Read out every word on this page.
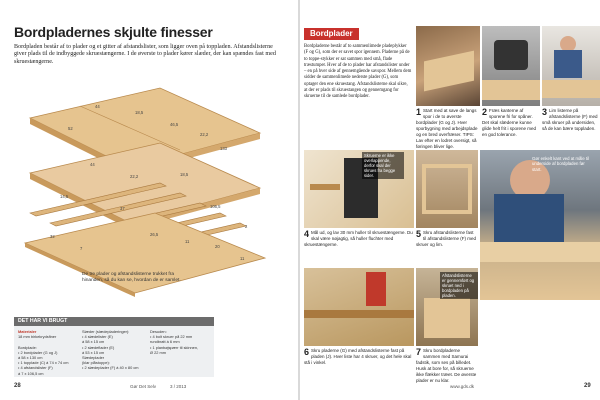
Bordpladernes skjulte finesser
Bordpladen består af to plader og et gitter af afstandslister, som ligger oven på toppladen. Afstandslisterne giver plads til de indbyggede skruestængerne. I de øverste to plader kører slæder, der kan spændes fast med skruestængerne.
44
18,5
46,5
22,2
52
133
44
22,2	18,5
14,5
37	106,5
2
32
7
26,5
11
20
11
De tre plader og afstandslisterne trukket fra hinanden, så du kan se, hvordan de er samlet.
DET HAR VI BRUGT
Materialer
18 mm birkekrydsfiner

Bordplade:
• 2 bordplader (G og J)
á 58 x 130 cm
• 1 topplade (C) á 74 x 74 cm
• 4 afstandslister (F)
á 7 x 106,5 cm
Slæder (slædepladeringer):
• 4 slædelister (E)
á 58 x 15 cm
• 2 slædeflader (E)
á 53 x 15 cm
Slædeplader
(klar plåstoppe):
• 2 slædeplader (F) á 40 x 80 cm
Desuden:
• 4 bolt skruer på 22 mm
rundbratt á 6 mm
• 1 planbøjspærr til skinnen,
Ø 22 mm
28	Gør Det Selv	3 / 2013
Bordplader
Bordpladerne består af to sammenlimede pladeplykker (F og G), som der er savet spor igennem. Pladerne på de to toppe-stykker er sat sammen med små, flade træstumper. Hver af de to plader har afstandslister under – en på hver side af gennemgående savspor. Mellem dem sidder de sammenlimede nederste plader (G), som optager den ene skruestang. Afstandslisterne skal sikre, at der er plads til skruestangen og gennemgang for skruerne til de samlede bordplader.
1 Start med at save de langs spor i de to øverste bordplader (G og J). Hver sporbygning med arbejdsplade og en bred overfræser. TIPS: Lav efter en lodret oversigt, så føringen bliver lige.
2 Fræs kanterne af sporene fri for spåner. Det skal slæderne kunne glide helt frit i sporene med en god tolerance.
3 Lim listerne på afstandslisterne (F) med små skruer på undersiden, så de kan bære toppladen.
Skruerne er ikke overlappende, derfor skal der skrues fra begge sider.
4 Mål ud, og lav 30 mm huller til skruestængerne. Du skal være nøjagtig, så huller fluchter med skruestængerne.
5 Skru afstandslisterne fast til afstandslisterne (F) med skruer og lim.
Gør enkelt kant ved at måle til underside af bordpladen før start.
6 Skru pladerne (G) med afstandslisterne fast på pladen (J). Hver liste har 4 skruer, og det hele skal stå i vinkel.
Afstandslisterne er gennemført og skruet ned i bordpladen på pladen.
7 Skru bordpladerne sammen med Samurai fadstik, som ses på billedet. Husk at bore for, så skruerne ikke flækker træet. De øverste plader er nu klar.
www.gds.dk	29
